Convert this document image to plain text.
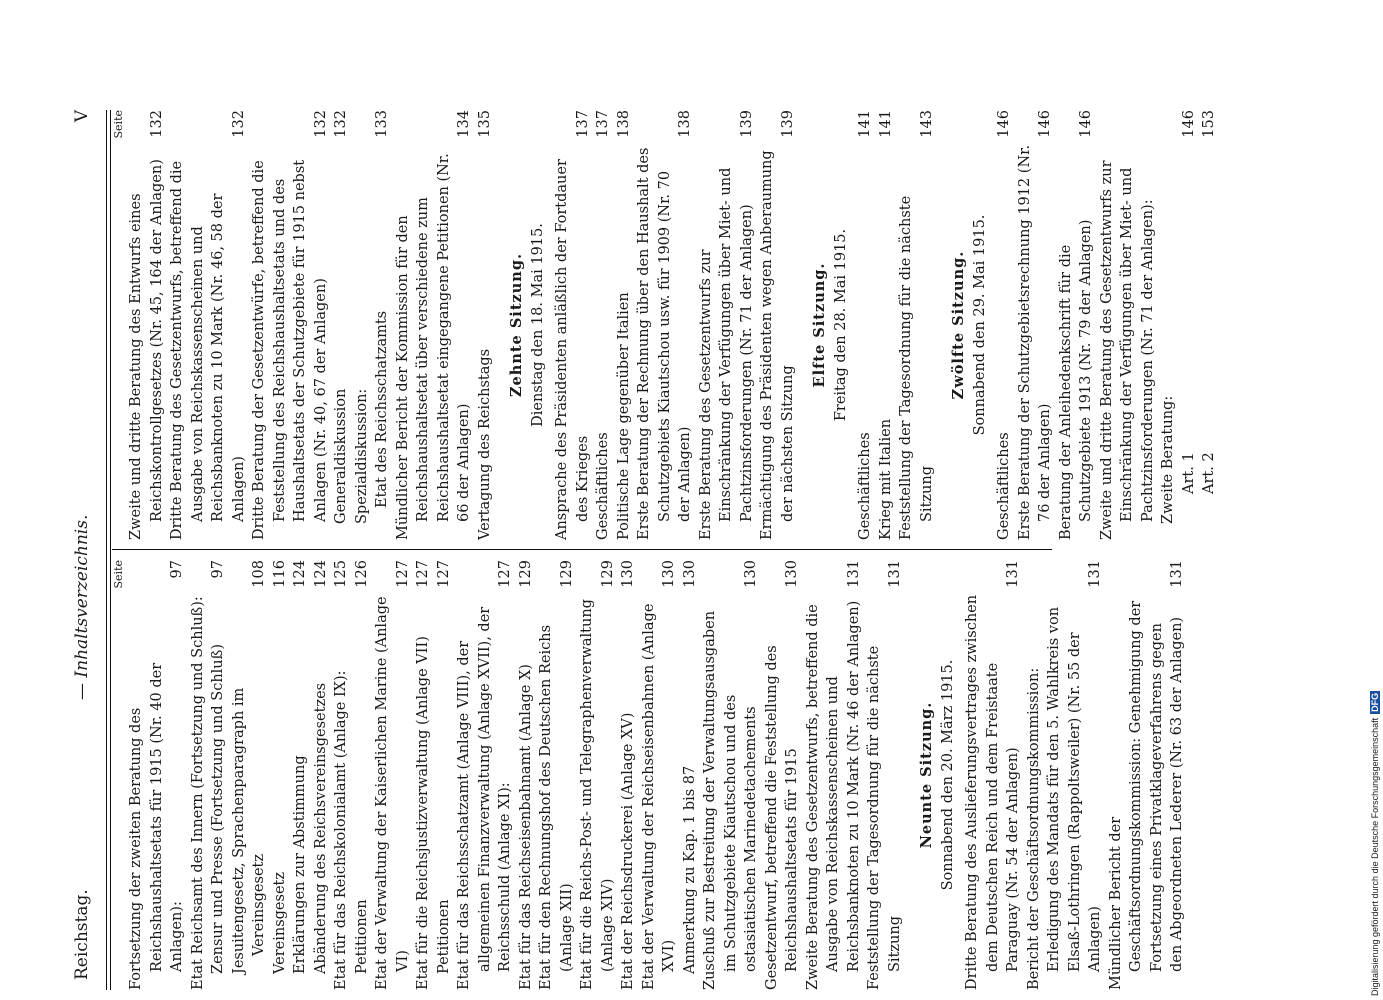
Reichstag.
— Inhaltsverzeichnis.
V
Seite
Fortsetzung der zweiten Beratung des Reichshaushaltsetats für 1915 (Nr. 40 der Anlagen):
97
Etat Reichsamt des Innern (Fortsetzung und Schluß): Zensur und Presse (Fortsetzung und Schluß)
97
Jesuitengesetz, Sprachenparagraph im Vereinsgesetz
108
Vereinsgesetz
116
Erklärungen zur Abstimmung
124
Abänderung des Reichsvereinsgesetzes
124
Etat für das Reichskolonialamt (Anlage IX):
125
Petitionen
126
Etat der Verwaltung der Kaiserlichen Marine (Anlage VI)
127
Etat für die Reichsjustizverwaltung (Anlage VII)
127
Petitionen
127
Etat für das Reichsschatzamt (Anlage VIII), der allgemeinen Finanzverwaltung (Anlage XVII), der Reichsschuld (Anlage XI):
127
Etat für das Reichseisenbahnamt (Anlage X)
129
Etat für den Rechnungshof des Deutschen Reichs (Anlage XII)
129
Etat für die Reichs-Post- und Telegraphenverwaltung (Anlage XIV)
129
Etat der Reichsdruckerei (Anlage XV)
130
Etat der Verwaltung der Reichseisenbahnen (Anlage XVI)
130
Anmerkung zu Kap. 1 bis 87
130
Zuschuß zur Bestreitung der Verwaltungsausgaben im Schutzgebiete Kiautschou und des ostasiatischen Marinedetachements
130
Gesetzentwurf, betreffend die Feststellung des Reichshaushaltsetats für 1915
130
Zweite Beratung des Gesetzentwurfs, betreffend die Ausgabe von Reichskassenscheinen und Reichsbanknoten zu 10 Mark (Nr. 46 der Anlagen)
131
Feststellung der Tagesordnung für die nächste Sitzung
131
Neunte Sitzung. Sonnabend den 20. März 1915. Dritte Beratung des Auslieferungsvertrages zwischen dem Deutschen Reich und dem Freistaate Paraguay (Nr. 54 der Anlagen)
131
Bericht der Geschäftsordnungskommission: Erledigung des Mandats für den 5. Wahlkreis von Elsaß-Lothringen (Rappoltsweiler) (Nr. 55 der Anlagen)
131
Mündlicher Bericht der Geschäftsordnungskommission: Genehmigung der Fortsetzung eines Privatklageverfahrens gegen den Abgeordneten Lederer (Nr. 63 der Anlagen)
131
Seite
Zweite und dritte Beratung des Entwurfs eines Reichskontrollgesetzes (Nr. 45, 164 der Anlagen)
132
Dritte Beratung des Gesetzentwurfs, betreffend die Ausgabe von Reichskassenscheinen und Reichsbanknoten zu 10 Mark (Nr. 46, 58 der Anlagen)
132
Dritte Beratung der Gesetzentwürfe, betreffend die Feststellung des Reichshaushaltsetats und des Haushaltsetats der Schutzgebiete für 1915 nebst Anlagen (Nr. 40, 67 der Anlagen)
132
Generaldiskussion
132
Spezialdiskussion: Etat des Reichsschatzamts
133
Mündlicher Bericht der Kommission für den Reichshaushaltsetat über verschiedene zum Reichshaushaltsetat eingegangene Petitionen (Nr. 66 der Anlagen)
134
Vertagung des Reichstags
135
Zehnte Sitzung. Dienstag den 18. Mai 1915. Ansprache des Präsidenten anläßlich der Fortdauer des Krieges
137
Geschäftliches
137
Politische Lage gegenüber Italien
138
Erste Beratung der Rechnung über den Haushalt des Schutzgebiets Kiautschou usw. für 1909 (Nr. 70 der Anlagen)
138
Erste Beratung des Gesetzentwurfs zur Einschränkung der Verfügungen über Miet- und Pachtzinsforderungen (Nr. 71 der Anlagen)
139
Ermächtigung des Präsidenten wegen Anberaumung der nächsten Sitzung
139
Elfte Sitzung. Freitag den 28. Mai 1915.
Geschäftliches
141
Krieg mit Italien
141
Feststellung der Tagesordnung für die nächste Sitzung
143
Zwölfte Sitzung. Sonnabend den 29. Mai 1915.
Geschäftliches
146
Erste Beratung der Schutzgebietsrechnung 1912 (Nr. 76 der Anlagen)
146
Beratung der Anleihedenkschrift für die Schutzgebiete 1913 (Nr. 79 der Anlagen)
146
Zweite und dritte Beratung des Gesetzentwurfs zur Einschränkung der Verfügungen über Miet- und Pachtzinsforderungen (Nr. 71 der Anlagen): Zweite Beratung: Art. 1
146
Art. 2
153
Digitalisierung gefördert durch die Deutsche ForschungsgemeinschaftDFG
